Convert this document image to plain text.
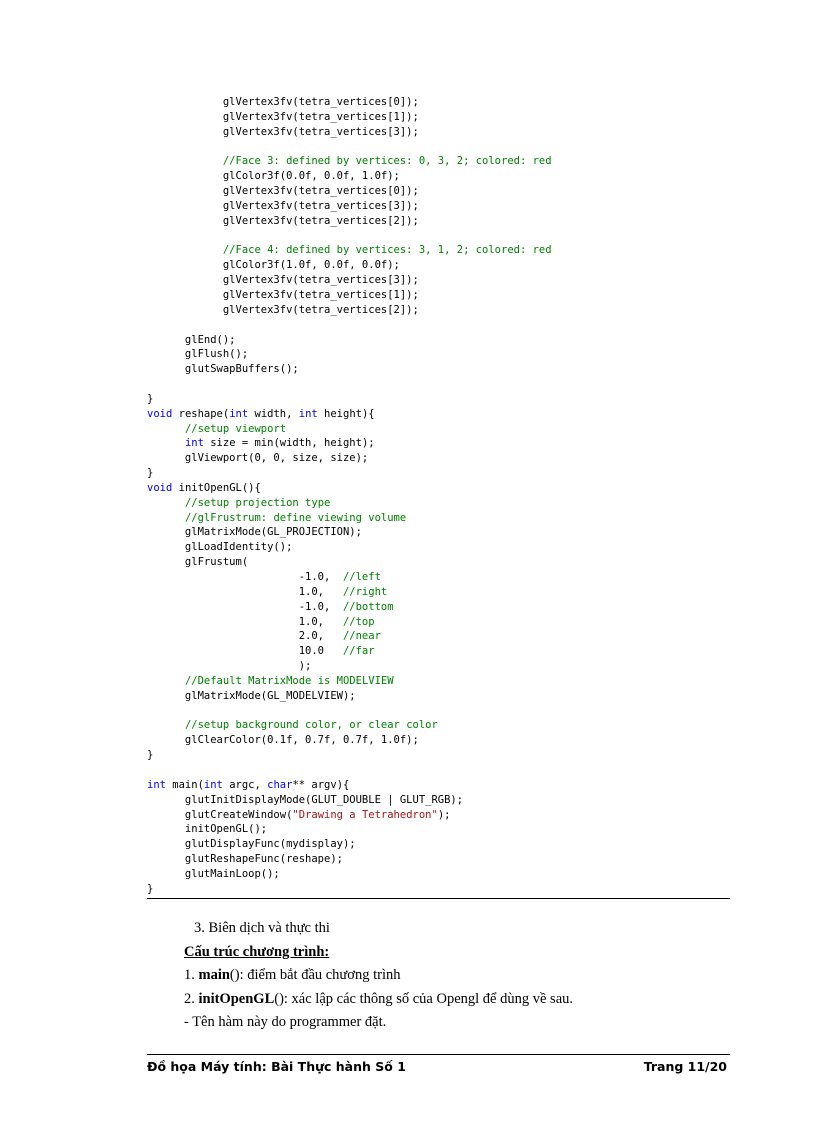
glVertex3fv(tetra_vertices[0]);
glVertex3fv(tetra_vertices[1]);
glVertex3fv(tetra_vertices[3]);

//Face 3: defined by vertices: 0, 3, 2; colored: red
glColor3f(0.0f, 0.0f, 1.0f);
glVertex3fv(tetra_vertices[0]);
glVertex3fv(tetra_vertices[3]);
glVertex3fv(tetra_vertices[2]);

//Face 4: defined by vertices: 3, 1, 2; colored: red
glColor3f(1.0f, 0.0f, 0.0f);
glVertex3fv(tetra_vertices[3]);
glVertex3fv(tetra_vertices[1]);
glVertex3fv(tetra_vertices[2]);

glEnd();
glFlush();
glutSwapBuffers();

}
void reshape(int width, int height){
//setup viewport
int size = min(width, height);
glViewport(0, 0, size, size);
}
void initOpenGL(){
//setup projection type
//glFrustrum: define viewing volume
glMatrixMode(GL_PROJECTION);
glLoadIdentity();
glFrustum(
-1.0,  //left
1.0,   //right
-1.0,  //bottom
1.0,   //top
2.0,   //near
10.0   //far
);
//Default MatrixMode is MODELVIEW
glMatrixMode(GL_MODELVIEW);

//setup background color, or clear color
glClearColor(0.1f, 0.7f, 0.7f, 1.0f);
}

int main(int argc, char** argv){
glutInitDisplayMode(GLUT_DOUBLE | GLUT_RGB);
glutCreateWindow("Drawing a Tetrahedron");
initOpenGL();
glutDisplayFunc(mydisplay);
glutReshapeFunc(reshape);
glutMainLoop();
}
3. Biên dịch và thực thi
Cấu trúc chương trình:
1. main(): điểm bắt đầu chương trình
2. initOpenGL(): xác lập các thông số của Opengl để dùng về sau.
- Tên hàm này do programmer đặt.
Đồ họa Máy tính: Bài Thực hành Số 1	Trang 11/20
